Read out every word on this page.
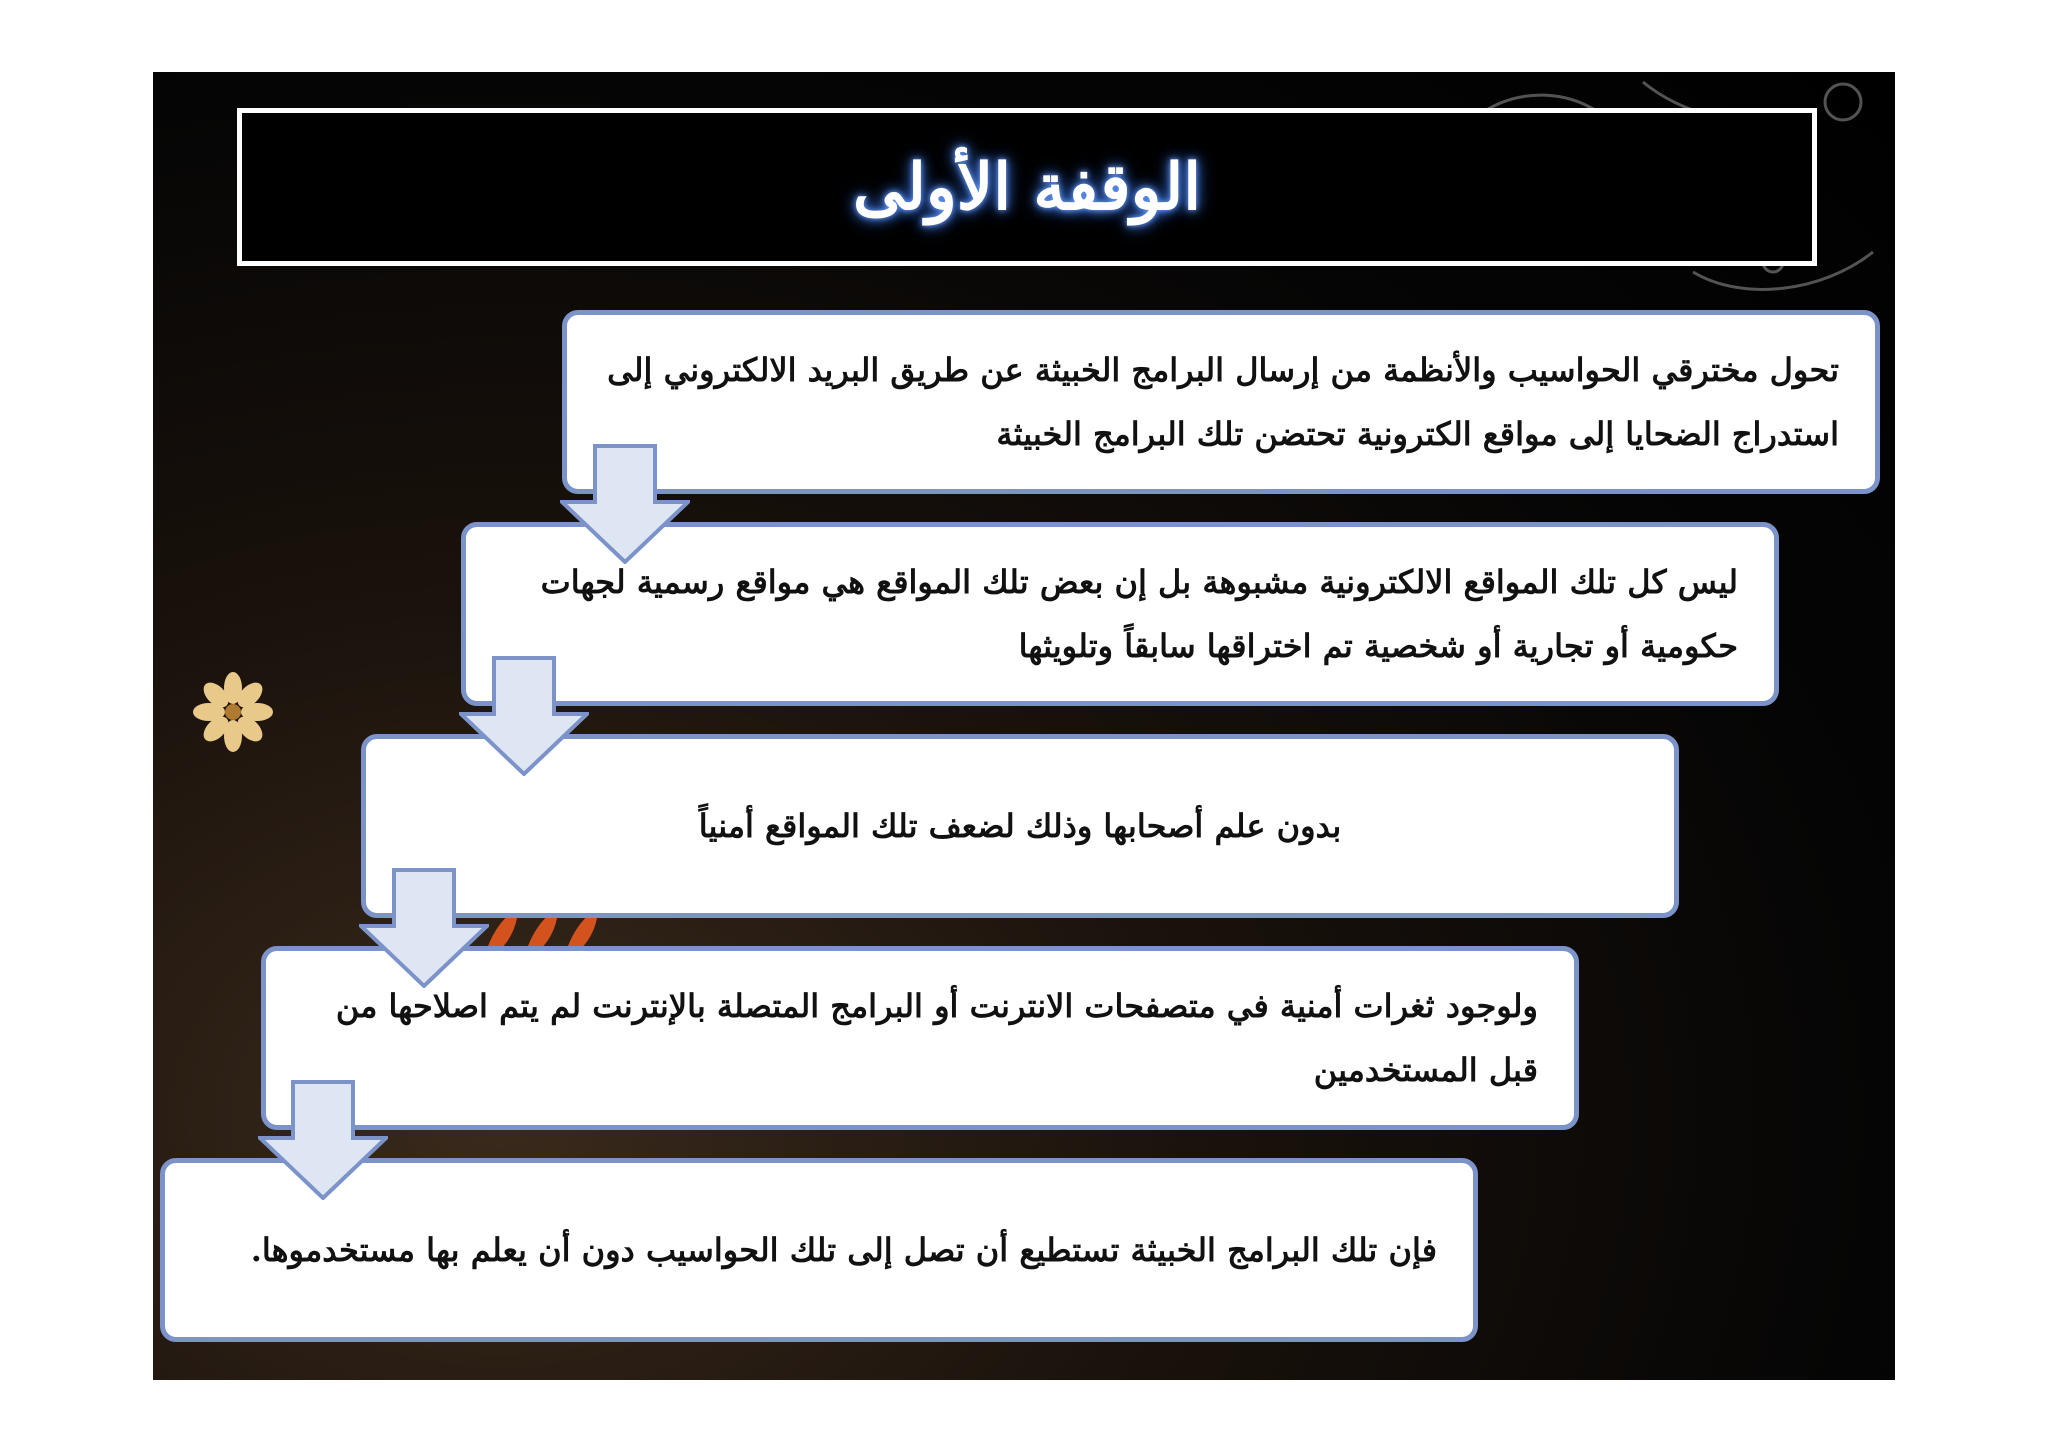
الوقفة الأولى
تحول مخترقي الحواسيب والأنظمة من إرسال البرامج الخبيثة عن طريق البريد الالكتروني إلى استدراج الضحايا إلى مواقع الكترونية تحتضن تلك البرامج الخبيثة
ليس كل تلك المواقع الالكترونية مشبوهة بل إن بعض تلك المواقع هي مواقع رسمية لجهات حكومية أو تجارية أو شخصية تم اختراقها سابقاً وتلويثها
بدون علم أصحابها وذلك لضعف تلك المواقع أمنياً
ولوجود ثغرات أمنية في متصفحات الانترنت أو البرامج المتصلة بالإنترنت لم يتم اصلاحها من قبل المستخدمين
فإن تلك البرامج الخبيثة تستطيع أن تصل إلى تلك الحواسيب دون أن يعلم بها مستخدموها.
